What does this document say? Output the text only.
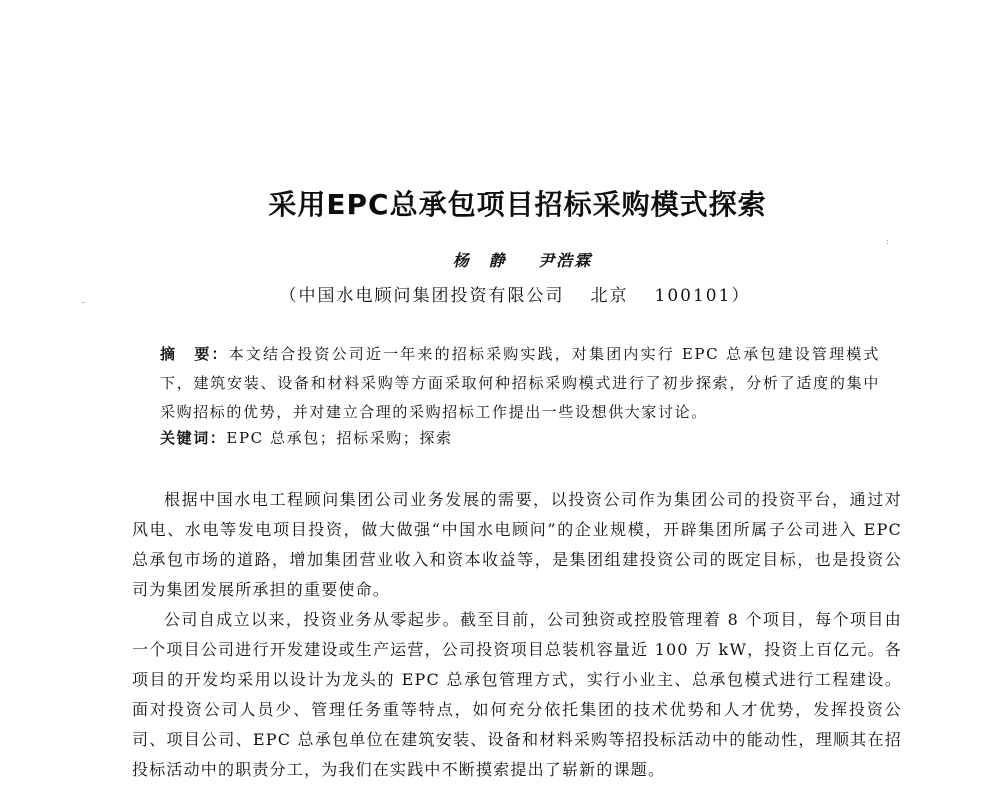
采用EPC总承包项目招标采购模式探索
杨　静 尹浩霖
（中国水电顾问集团投资有限公司 北京 100101）
摘　要：本文结合投资公司近一年来的招标采购实践，对集团内实行 EPC 总承包建设管理模式下，建筑安装、设备和材料采购等方面采取何种招标采购模式进行了初步探索，分析了适度的集中采购招标的优势，并对建立合理的采购招标工作提出一些设想供大家讨论。
关键词：EPC 总承包；招标采购；探索

根据中国水电工程顾问集团公司业务发展的需要，以投资公司作为集团公司的投资平台，通过对风电、水电等发电项目投资，做大做强“中国水电顾问”的企业规模，开辟集团所属子公司进入 EPC 总承包市场的道路，增加集团营业收入和资本收益等，是集团组建投资公司的既定目标，也是投资公司为集团发展所承担的重要使命。

公司自成立以来，投资业务从零起步。截至目前，公司独资或控股管理着 8 个项目，每个项目由一个项目公司进行开发建设或生产运营，公司投资项目总装机容量近 100 万 kW，投资上百亿元。各项目的开发均采用以设计为龙头的 EPC 总承包管理方式，实行小业主、总承包模式进行工程建设。面对投资公司人员少、管理任务重等特点，如何充分依托集团的技术优势和人才优势，发挥投资公司、项目公司、EPC 总承包单位在建筑安装、设备和材料采购等招投标活动中的能动性，理顺其在招投标活动中的职责分工，为我们在实践中不断摸索提出了崭新的课题。
